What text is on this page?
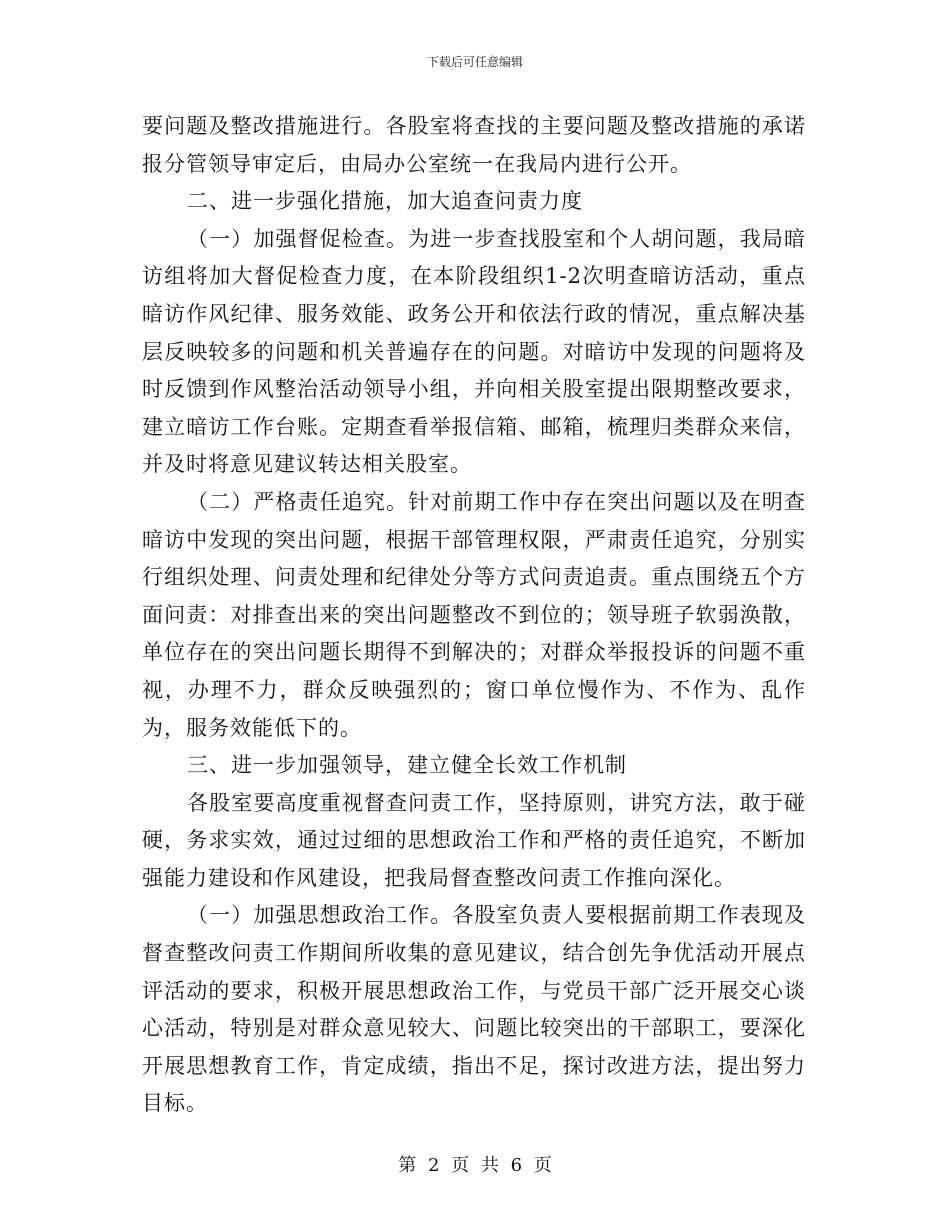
下载后可任意编辑

要问题及整改措施进行。各股室将查找的主要问题及整改措施的承诺报分管领导审定后，由局办公室统一在我局内进行公开。

二、进一步强化措施，加大追查问责力度

（一）加强督促检查。为进一步查找股室和个人胡问题，我局暗访组将加大督促检查力度，在本阶段组织1-2次明查暗访活动，重点暗访作风纪律、服务效能、政务公开和依法行政的情况，重点解决基层反映较多的问题和机关普遍存在的问题。对暗访中发现的问题将及时反馈到作风整治活动领导小组，并向相关股室提出限期整改要求，建立暗访工作台账。定期查看举报信箱、邮箱，梳理归类群众来信，并及时将意见建议转达相关股室。

（二）严格责任追究。针对前期工作中存在突出问题以及在明查暗访中发现的突出问题，根据干部管理权限，严肃责任追究，分别实行组织处理、问责处理和纪律处分等方式问责追责。重点围绕五个方面问责：对排查出来的突出问题整改不到位的；领导班子软弱涣散，单位存在的突出问题长期得不到解决的；对群众举报投诉的问题不重视，办理不力，群众反映强烈的；窗口单位慢作为、不作为、乱作为，服务效能低下的。

三、进一步加强领导，建立健全长效工作机制

各股室要高度重视督查问责工作，坚持原则，讲究方法，敢于碰硬，务求实效，通过过细的思想政治工作和严格的责任追究，不断加强能力建设和作风建设，把我局督查整改问责工作推向深化。

（一）加强思想政治工作。各股室负责人要根据前期工作表现及督查整改问责工作期间所收集的意见建议，结合创先争优活动开展点评活动的要求，积极开展思想政治工作，与党员干部广泛开展交心谈心活动，特别是对群众意见较大、问题比较突出的干部职工，要深化开展思想教育工作，肯定成绩，指出不足，探讨改进方法，提出努力目标。

第 2 页 共 6 页
